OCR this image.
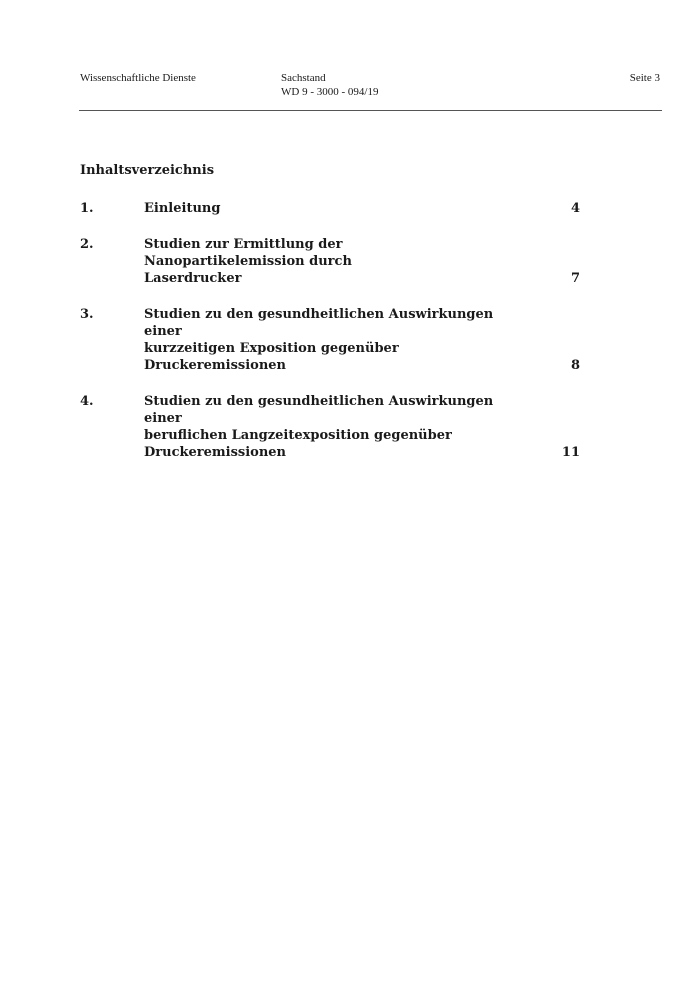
Wissenschaftliche Dienste	Sachstand
WD 9 - 3000 - 094/19
Seite 3
Inhaltsverzeichnis
1.	Einleitung	4
2.	Studien zur Ermittlung der Nanopartikelemission durch
Laserdrucker	7
3.	Studien zu den gesundheitlichen Auswirkungen einer
kurzzeitigen Exposition gegenüber Druckeremissionen	8
4.	Studien zu den gesundheitlichen Auswirkungen einer
beruflichen Langzeitexposition gegenüber
Druckeremissionen	11
